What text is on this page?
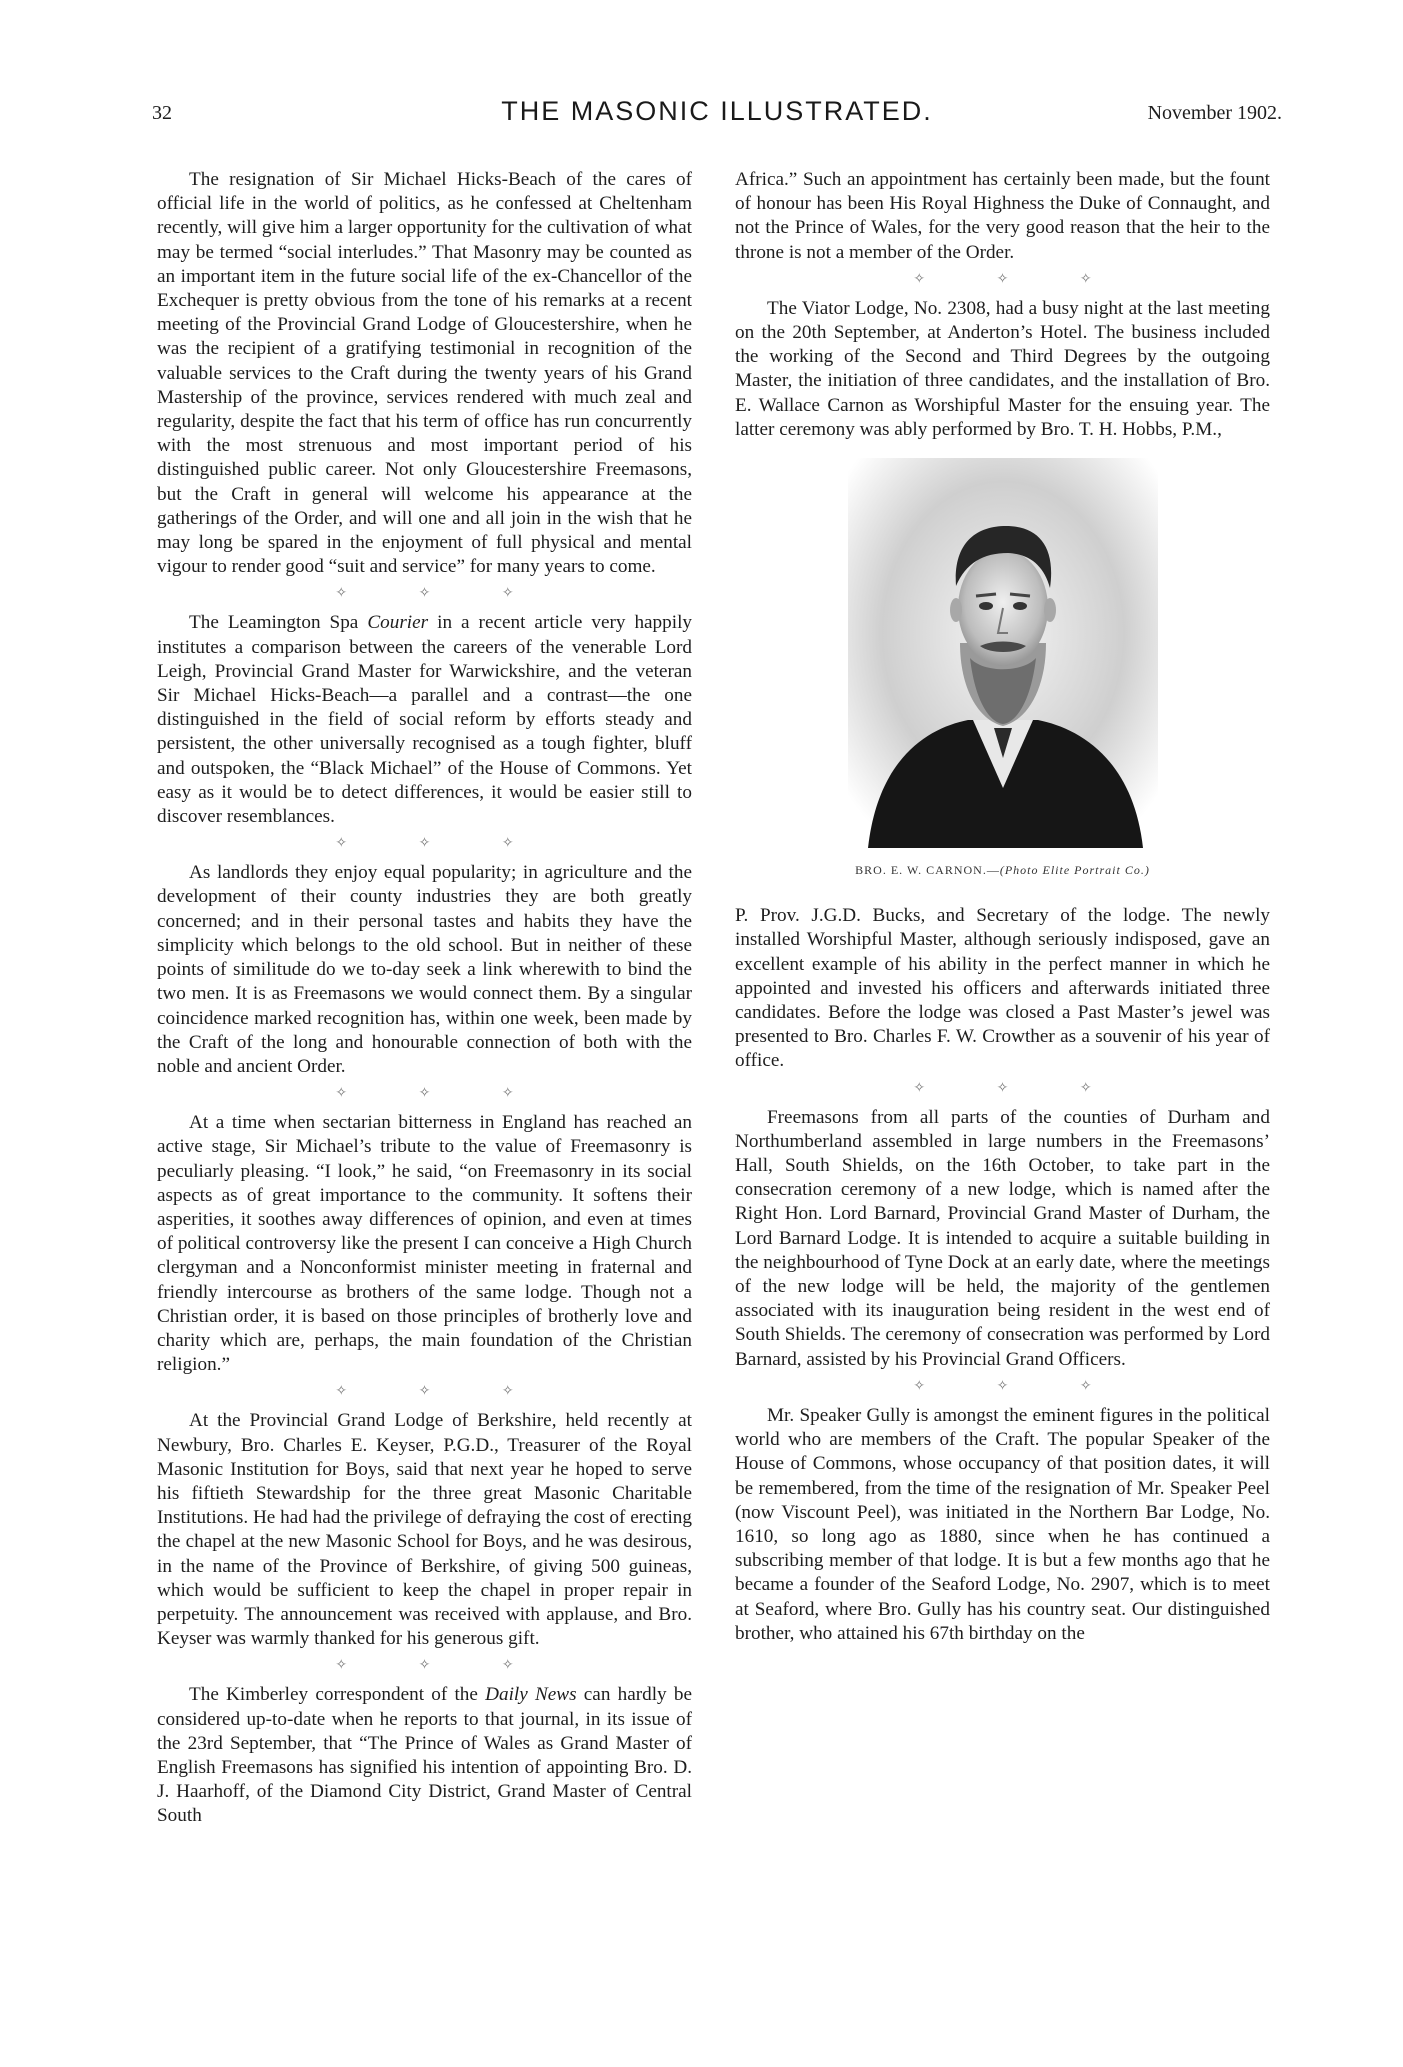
32	THE MASONIC ILLUSTRATED.	November 1902.

The resignation of Sir Michael Hicks-Beach of the cares of official life in the world of politics, as he confessed at Cheltenham recently, will give him a larger opportunity for the cultivation of what may be termed “social interludes.” That Masonry may be counted as an important item in the future social life of the ex-Chancellor of the Exchequer is pretty obvious from the tone of his remarks at a recent meeting of the Provincial Grand Lodge of Gloucestershire, when he was the recipient of a gratifying testimonial in recognition of the valuable services to the Craft during the twenty years of his Grand Mastership of the province, services rendered with much zeal and regularity, despite the fact that his term of office has run concurrently with the most strenuous and most important period of his distinguished public career. Not only Gloucestershire Freemasons, but the Craft in general will welcome his appearance at the gatherings of the Order, and will one and all join in the wish that he may long be spared in the enjoyment of full physical and mental vigour to render good “suit and service” for many years to come.

✧ ✧ ✧

The Leamington Spa Courier in a recent article very happily institutes a comparison between the careers of the venerable Lord Leigh, Provincial Grand Master for Warwickshire, and the veteran Sir Michael Hicks-Beach—a parallel and a contrast—the one distinguished in the field of social reform by efforts steady and persistent, the other universally recognised as a tough fighter, bluff and outspoken, the “Black Michael” of the House of Commons. Yet easy as it would be to detect differences, it would be easier still to discover resemblances.

✧ ✧ ✧

As landlords they enjoy equal popularity; in agriculture and the development of their county industries they are both greatly concerned; and in their personal tastes and habits they have the simplicity which belongs to the old school. But in neither of these points of similitude do we to-day seek a link wherewith to bind the two men. It is as Freemasons we would connect them. By a singular coincidence marked recognition has, within one week, been made by the Craft of the long and honourable connection of both with the noble and ancient Order.

✧ ✧ ✧

At a time when sectarian bitterness in England has reached an active stage, Sir Michael’s tribute to the value of Freemasonry is peculiarly pleasing. “I look,” he said, “on Freemasonry in its social aspects as of great importance to the community. It softens their asperities, it soothes away differences of opinion, and even at times of political controversy like the present I can conceive a High Church clergyman and a Nonconformist minister meeting in fraternal and friendly intercourse as brothers of the same lodge. Though not a Christian order, it is based on those principles of brotherly love and charity which are, perhaps, the main foundation of the Christian religion.”

✧ ✧ ✧

At the Provincial Grand Lodge of Berkshire, held recently at Newbury, Bro. Charles E. Keyser, P.G.D., Treasurer of the Royal Masonic Institution for Boys, said that next year he hoped to serve his fiftieth Stewardship for the three great Masonic Charitable Institutions. He had had the privilege of defraying the cost of erecting the chapel at the new Masonic School for Boys, and he was desirous, in the name of the Province of Berkshire, of giving 500 guineas, which would be sufficient to keep the chapel in proper repair in perpetuity. The announcement was received with applause, and Bro. Keyser was warmly thanked for his generous gift.

✧ ✧ ✧

The Kimberley correspondent of the Daily News can hardly be considered up-to-date when he reports to that journal, in its issue of the 23rd September, that “The Prince of Wales as Grand Master of English Freemasons has signified his intention of appointing Bro. D. J. Haarhoff, of the Diamond City District, Grand Master of Central South

Africa.” Such an appointment has certainly been made, but the fount of honour has been His Royal Highness the Duke of Connaught, and not the Prince of Wales, for the very good reason that the heir to the throne is not a member of the Order.

✧ ✧ ✧

The Viator Lodge, No. 2308, had a busy night at the last meeting on the 20th September, at Anderton’s Hotel. The business included the working of the Second and Third Degrees by the outgoing Master, the initiation of three candidates, and the installation of Bro. E. Wallace Carnon as Worshipful Master for the ensuing year. The latter ceremony was ably performed by Bro. T. H. Hobbs, P.M.,

BRO. E. W. CARNON.—(Photo Elite Portrait Co.)

P. Prov. J.G.D. Bucks, and Secretary of the lodge. The newly installed Worshipful Master, although seriously indisposed, gave an excellent example of his ability in the perfect manner in which he appointed and invested his officers and afterwards initiated three candidates. Before the lodge was closed a Past Master’s jewel was presented to Bro. Charles F. W. Crowther as a souvenir of his year of office.

✧ ✧ ✧

Freemasons from all parts of the counties of Durham and Northumberland assembled in large numbers in the Freemasons’ Hall, South Shields, on the 16th October, to take part in the consecration ceremony of a new lodge, which is named after the Right Hon. Lord Barnard, Provincial Grand Master of Durham, the Lord Barnard Lodge. It is intended to acquire a suitable building in the neighbourhood of Tyne Dock at an early date, where the meetings of the new lodge will be held, the majority of the gentlemen associated with its inauguration being resident in the west end of South Shields. The ceremony of consecration was performed by Lord Barnard, assisted by his Provincial Grand Officers.

✧ ✧ ✧

Mr. Speaker Gully is amongst the eminent figures in the political world who are members of the Craft. The popular Speaker of the House of Commons, whose occupancy of that position dates, it will be remembered, from the time of the resignation of Mr. Speaker Peel (now Viscount Peel), was initiated in the Northern Bar Lodge, No. 1610, so long ago as 1880, since when he has continued a subscribing member of that lodge. It is but a few months ago that he became a founder of the Seaford Lodge, No. 2907, which is to meet at Seaford, where Bro. Gully has his country seat. Our distinguished brother, who attained his 67th birthday on the
